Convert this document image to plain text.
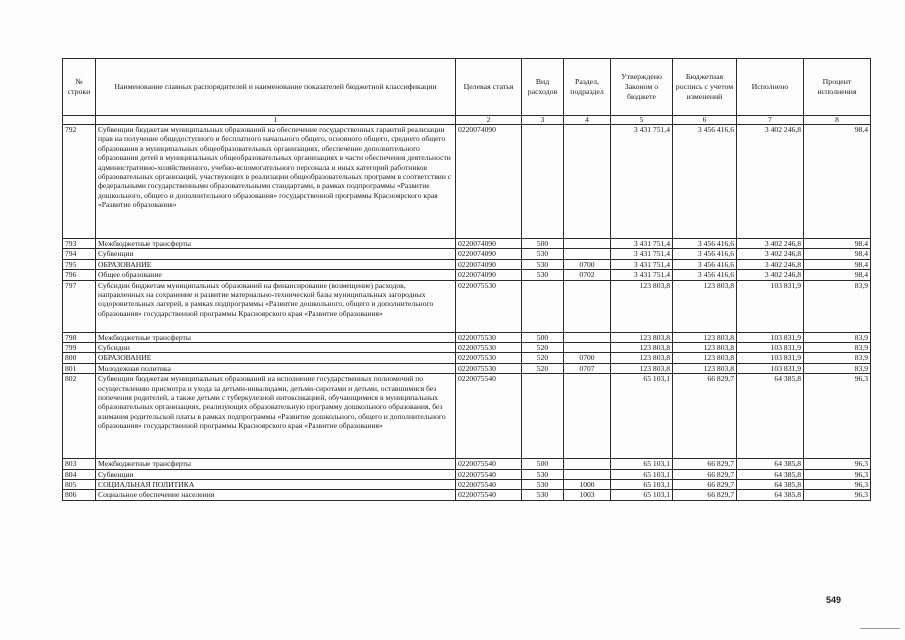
№ строки	Наименование главных распорядителей и наименование показателей бюджетной классификации	Целевая статья	Вид расходов	Раздел, подраздел	Утверждено Законом о бюджете	Бюджетная роспись с учетом изменений	Исполнено	Процент исполнения
	1	2	3	4	5	6	7	8
792	Субвенции бюджетам муниципальных образований на обеспечение государственных гарантий реализации прав на получение общедоступного и бесплатного начального общего, основного общего, среднего общего образования в муниципальных общеобразовательных организациях, обеспечение дополнительного образования детей в муниципальных общеобразовательных организациях в части обеспечения деятельности административно-хозяйственного, учебно-вспомогательного персонала и иных категорий работников образовательных организаций, участвующих в реализации общеобразовательных программ в соответствии с федеральными государственными образовательными стандартами, в рамках подпрограммы «Развитие дошкольного, общего и дополнительного образования» государственной программы Красноярского края «Развитие образования»	0220074090			3 431 751,4	3 456 416,6	3 402 246,8	98,4
793	Межбюджетные трансферты	0220074090	500		3 431 751,4	3 456 416,6	3 402 246,8	98,4
794	Субвенции	0220074090	530		3 431 751,4	3 456 416,6	3 402 246,8	98,4
795	ОБРАЗОВАНИЕ	0220074090	530	0700	3 431 751,4	3 456 416,6	3 402 246,8	98,4
796	Общее образование	0220074090	530	0702	3 431 751,4	3 456 416,6	3 402 246,8	98,4
797	Субсидии бюджетам муниципальных образований на финансирование (возмещение) расходов, направленных на сохранение и развитие материально-технической базы муниципальных загородных оздоровительных лагерей, в рамках подпрограммы «Развитие дошкольного, общего и дополнительного образования» государственной программы Красноярского края «Развитие образования»	0220075530			123 803,8	123 803,8	103 831,9	83,9
798	Межбюджетные трансферты	0220075530	500		123 803,8	123 803,8	103 831,9	83,9
799	Субсидии	0220075530	520		123 803,8	123 803,8	103 831,9	83,9
800	ОБРАЗОВАНИЕ	0220075530	520	0700	123 803,8	123 803,8	103 831,9	83,9
801	Молодежная политика	0220075530	520	0707	123 803,8	123 803,8	103 831,9	83,9
802	Субвенции бюджетам муниципальных образований на исполнение государственных полномочий по осуществлению присмотра и ухода за детьми-инвалидами, детьми-сиротами и детьми, оставшимися без попечения родителей, а также детьми с туберкулезной интоксикацией, обучающимися в муниципальных образовательных организациях, реализующих образовательную программу дошкольного образования, без взимания родительской платы в рамках подпрограммы «Развитие дошкольного, общего и дополнительного образования» государственной программы Красноярского края «Развитие образования»	0220075540			65 103,1	66 829,7	64 385,8	96,3
803	Межбюджетные трансферты	0220075540	500		65 103,1	66 829,7	64 385,8	96,3
804	Субвенции	0220075540	530		65 103,1	66 829,7	64 385,8	96,3
805	СОЦИАЛЬНАЯ ПОЛИТИКА	0220075540	530	1000	65 103,1	66 829,7	64 385,8	96,3
806	Социальное обеспечение населения	0220075540	530	1003	65 103,1	66 829,7	64 385,8	96,3
549
